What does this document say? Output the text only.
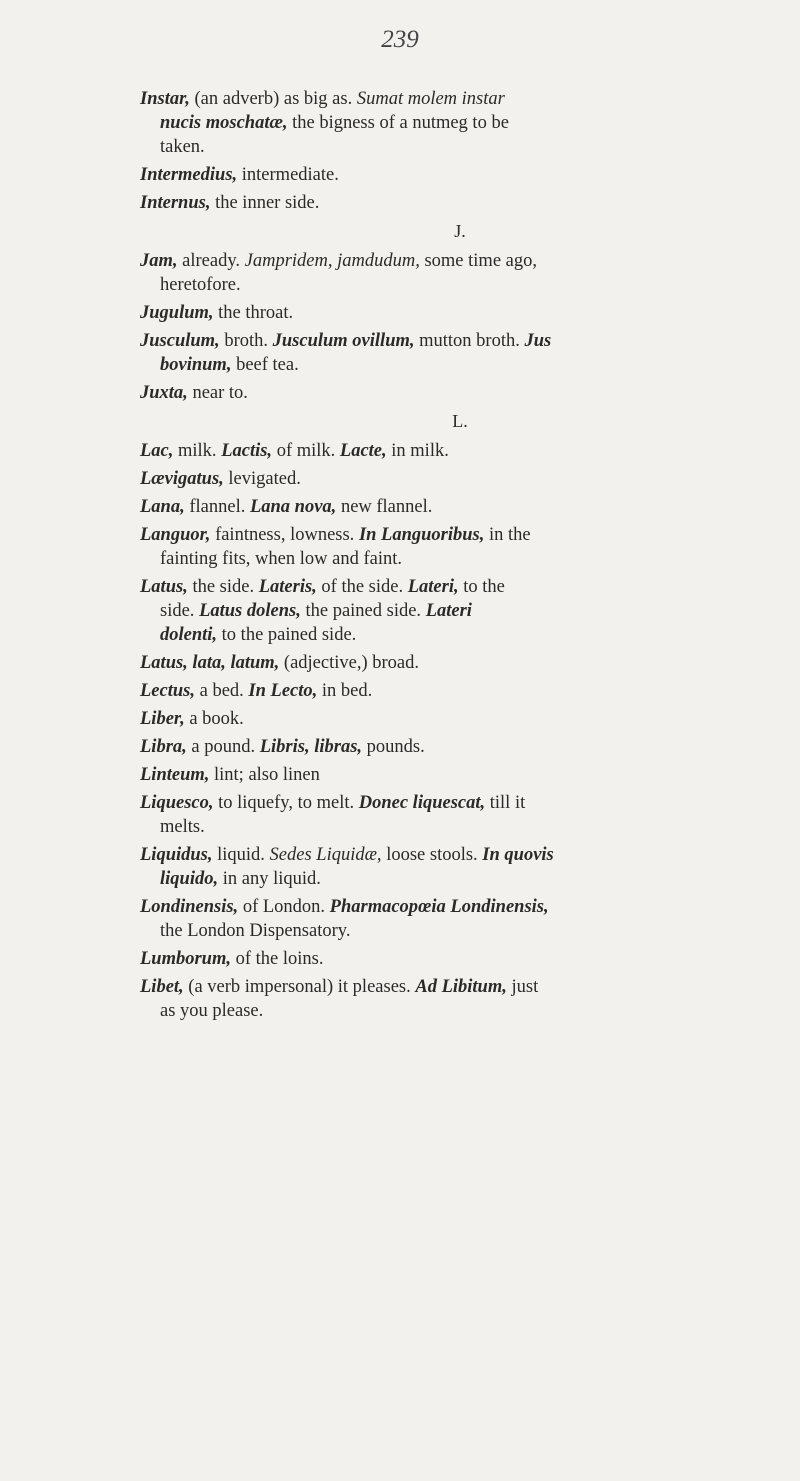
239
Instar, (an adverb) as big as. Sumat molem instar
nucis moschatæ, the bigness of a nutmeg to be
taken.
Intermedius, intermediate.
Internus, the inner side.
J.
Jam, already. Jampridem, jamdudum, some time ago,
heretofore.
Jugulum, the throat.
Jusculum, broth. Jusculum ovillum, mutton broth. Jus
bovinum, beef tea.
Juxta, near to.
L.
Lac, milk. Lactis, of milk. Lacte, in milk.
Lævigatus, levigated.
Lana, flannel. Lana nova, new flannel.
Languor, faintness, lowness. In Languoribus, in the
fainting fits, when low and faint.
Latus, the side. Lateris, of the side. Lateri, to the
side. Latus dolens, the pained side. Lateri
dolenti, to the pained side.
Latus, lata, latum, (adjective,) broad.
Lectus, a bed. In Lecto, in bed.
Liber, a book.
Libra, a pound. Libris, libras, pounds.
Linteum, lint; also linen
Liquesco, to liquefy, to melt. Donec liquescat, till it
melts.
Liquidus, liquid. Sedes Liquidæ, loose stools. In quovis
liquido, in any liquid.
Londinensis, of London. Pharmacopœia Londinensis,
the London Dispensatory.
Lumborum, of the loins.
Libet, (a verb impersonal) it pleases. Ad Libitum, just
as you please.
